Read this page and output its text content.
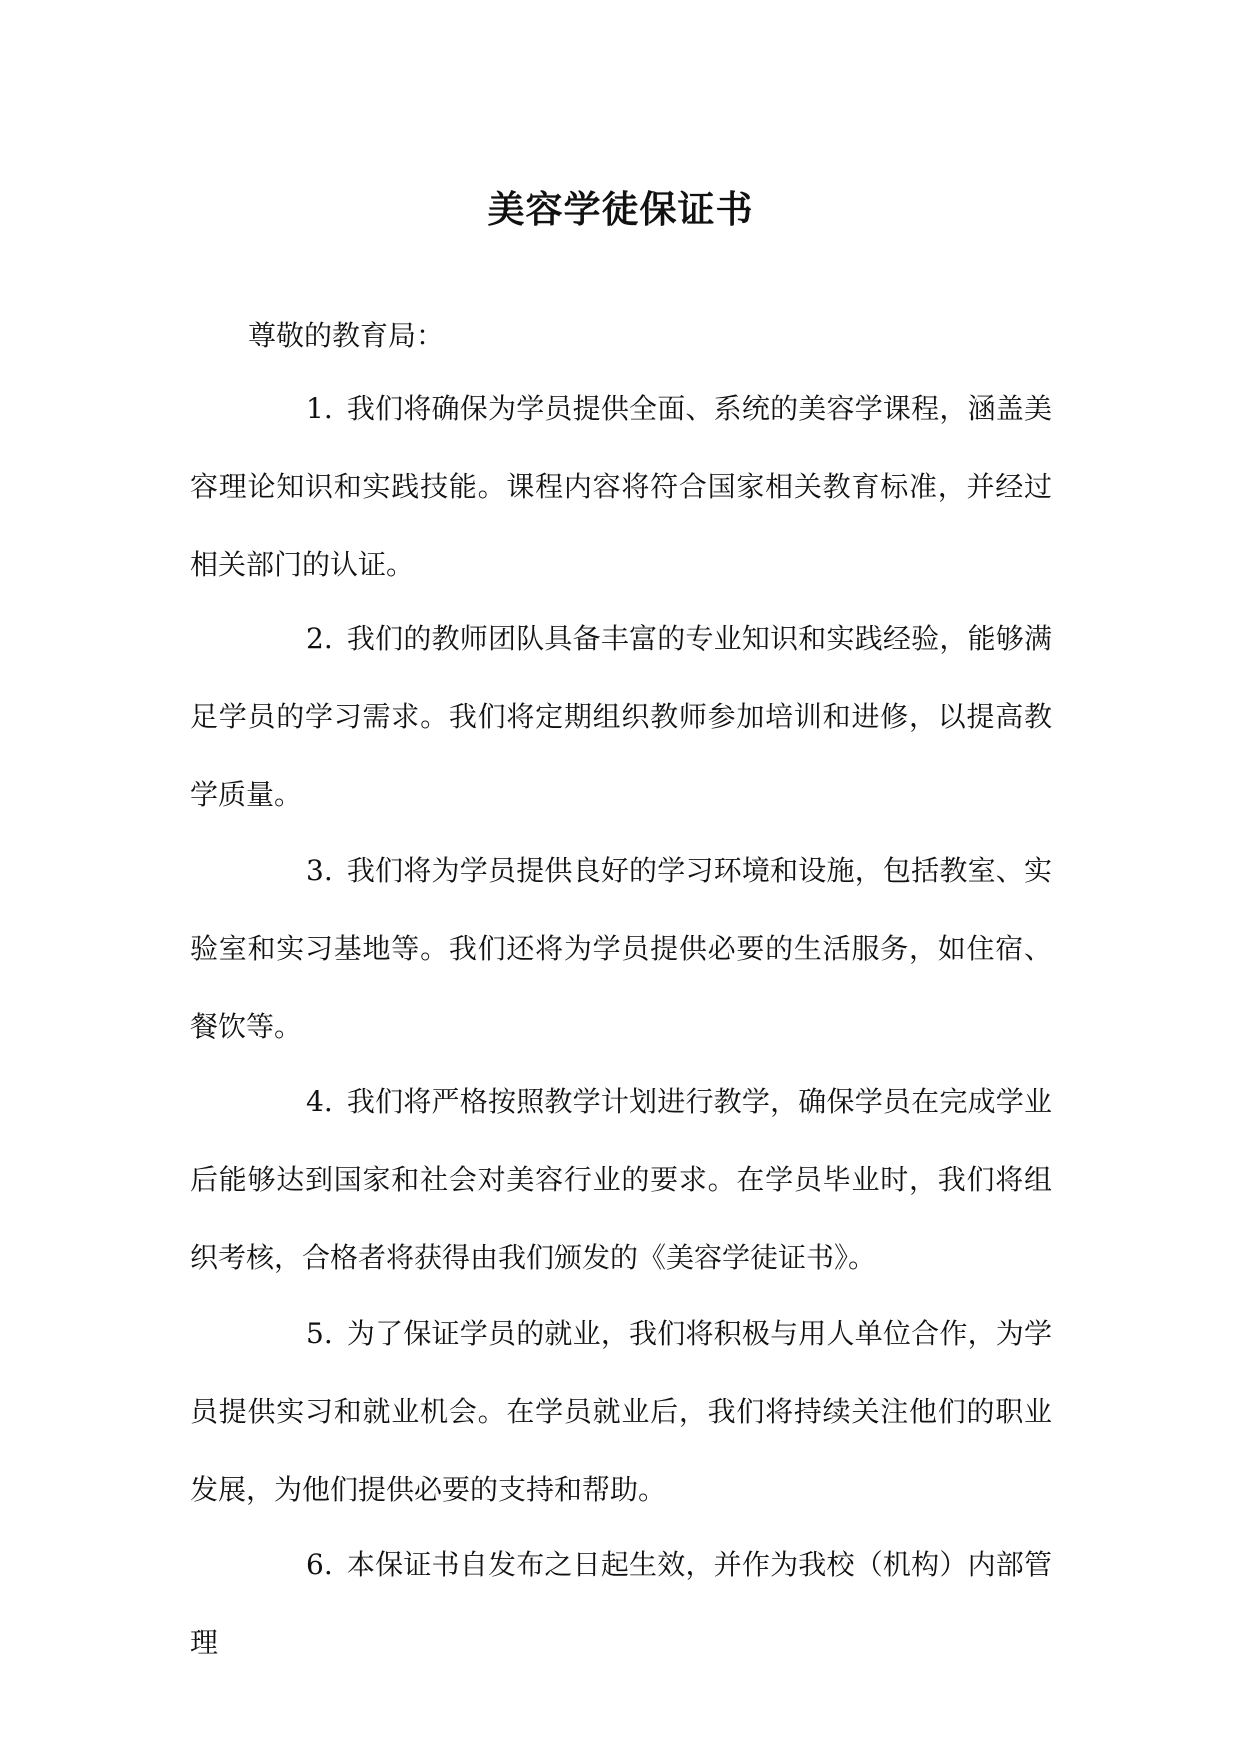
美容学徒保证书
尊敬的教育局：
1. 我们将确保为学员提供全面、系统的美容学课程，涵盖美容理论知识和实践技能。课程内容将符合国家相关教育标准，并经过相关部门的认证。
2. 我们的教师团队具备丰富的专业知识和实践经验，能够满足学员的学习需求。我们将定期组织教师参加培训和进修，以提高教学质量。
3. 我们将为学员提供良好的学习环境和设施，包括教室、实验室和实习基地等。我们还将为学员提供必要的生活服务，如住宿、餐饮等。
4. 我们将严格按照教学计划进行教学，确保学员在完成学业后能够达到国家和社会对美容行业的要求。在学员毕业时，我们将组织考核，合格者将获得由我们颁发的《美容学徒证书》。
5. 为了保证学员的就业，我们将积极与用人单位合作，为学员提供实习和就业机会。在学员就业后，我们将持续关注他们的职业发展，为他们提供必要的支持和帮助。
6. 本保证书自发布之日起生效，并作为我校（机构）内部管理
